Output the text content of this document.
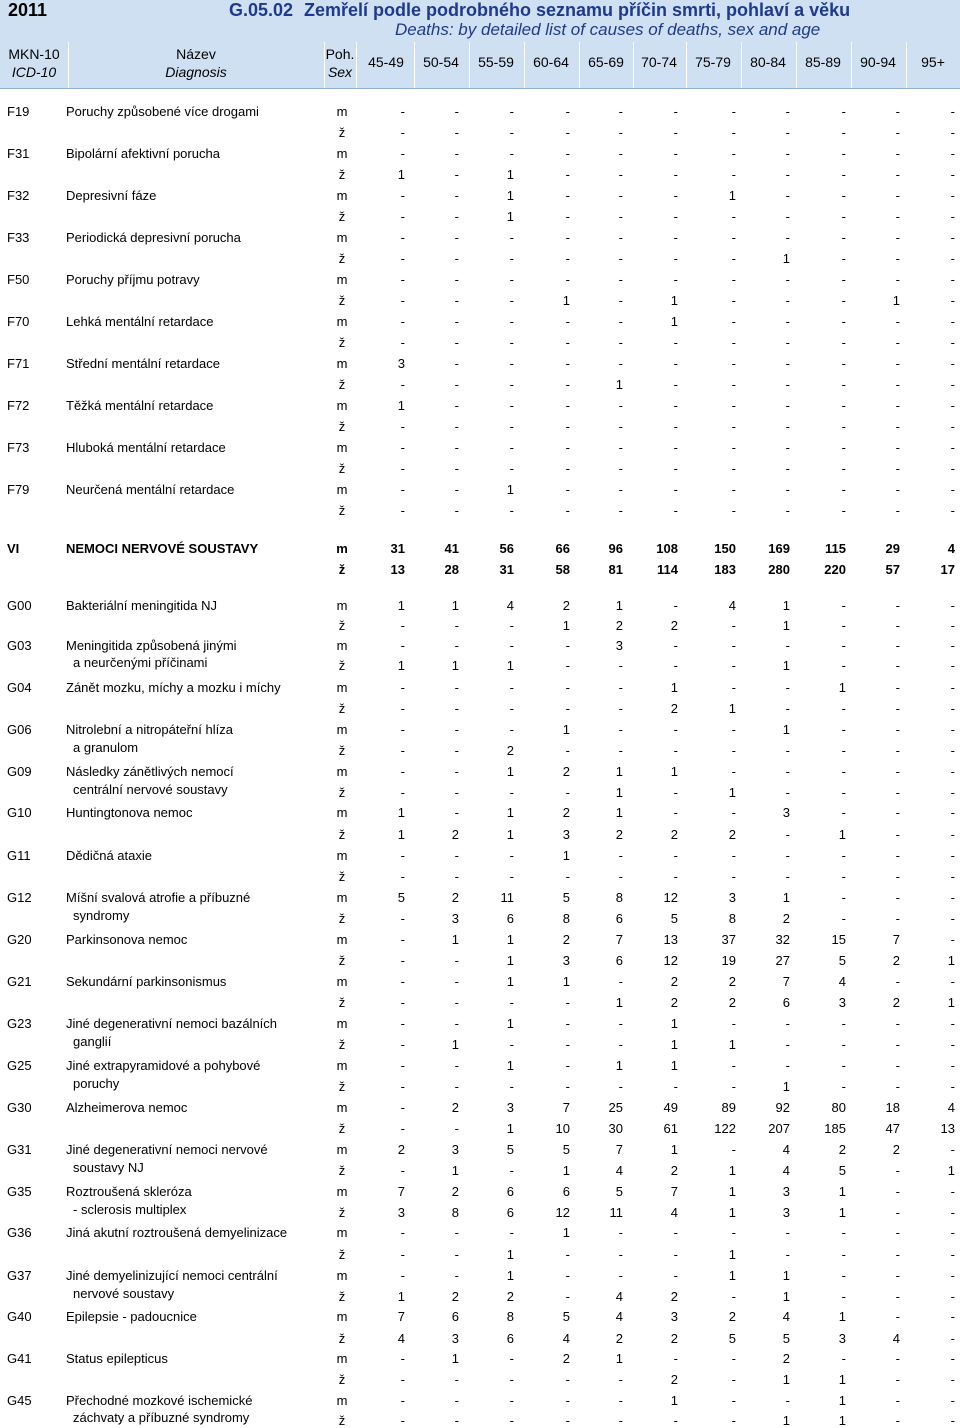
2011	G.05.02 Zemřelí podle podrobného seznamu příčin smrti, pohlaví a věku
Deaths: by detailed list of causes of deaths, sex and age
MKN-10
ICD-10
Název
Diagnosis
Poh.
Sex
45-49	50-54	55-59	60-64	65-69	70-74	75-79	80-84	85-89	90-94	95+
F19	Poruchy způsobené více drogami	m	-	-	-	-	-	-	-	-	-	-	-
ž	-	-	-	-	-	-	-	-	-	-	-
F31	Bipolární afektivní porucha	m	-	-	-	-	-	-	-	-	-	-	-
ž	1	-	1	-	-	-	-	-	-	-	-
F32	Depresivní fáze	m	-	-	1	-	-	-	1	-	-	-	-
ž	-	-	1	-	-	-	-	-	-	-	-
F33	Periodická depresivní porucha	m	-	-	-	-	-	-	-	-	-	-	-
ž	-	-	-	-	-	-	-	1	-	-	-
F50	Poruchy příjmu potravy	m	-	-	-	-	-	-	-	-	-	-	-
ž	-	-	-	1	-	1	-	-	-	1	-
F70	Lehká mentální retardace	m	-	-	-	-	-	1	-	-	-	-	-
ž	-	-	-	-	-	-	-	-	-	-	-
F71	Střední mentální retardace	m	3	-	-	-	-	-	-	-	-	-	-
ž	-	-	-	-	1	-	-	-	-	-	-
F72	Těžká mentální retardace	m	1	-	-	-	-	-	-	-	-	-	-
ž	-	-	-	-	-	-	-	-	-	-	-
F73	Hluboká mentální retardace	m	-	-	-	-	-	-	-	-	-	-	-
ž	-	-	-	-	-	-	-	-	-	-	-
F79	Neurčená mentální retardace	m	-	-	1	-	-	-	-	-	-	-	-
ž	-	-	-	-	-	-	-	-	-	-	-
VI	NEMOCI NERVOVÉ SOUSTAVY	m	31	41	56	66	96	108	150	169	115	29	4
ž	13	28	31	58	81	114	183	280	220	57	17
G00	Bakteriální meningitida NJ	m	1	1	4	2	1	-	4	1	-	-	-
ž	-	-	-	1	2	2	-	1	-	-	-
G03	Meningitida způsobená jinými	m	-	-	-	-	3	-	-	-	-	-	-
a neurčenými příčinami	ž	1	1	1	-	-	-	-	1	-	-	-
G04	Zánět mozku, míchy a mozku i míchy	m	-	-	-	-	-	1	-	-	1	-	-
ž	-	-	-	-	-	2	1	-	-	-	-
G06	Nitrolební a nitropáteřní hlíza	m	-	-	-	1	-	-	-	1	-	-	-
a granulom	ž	-	-	2	-	-	-	-	-	-	-	-
G09	Následky zánětlivých nemocí	m	-	-	1	2	1	1	-	-	-	-	-
centrální nervové soustavy	ž	-	-	-	-	1	-	1	-	-	-	-
G10	Huntingtonova nemoc	m	1	-	1	2	1	-	-	3	-	-	-
ž	1	2	1	3	2	2	2	-	1	-	-
G11	Dědičná ataxie	m	-	-	-	1	-	-	-	-	-	-	-
ž	-	-	-	-	-	-	-	-	-	-	-
G12	Míšní svalová atrofie a příbuzné	m	5	2	11	5	8	12	3	1	-	-	-
syndromy	ž	-	3	6	8	6	5	8	2	-	-	-
G20	Parkinsonova nemoc	m	-	1	1	2	7	13	37	32	15	7	-
ž	-	-	1	3	6	12	19	27	5	2	1
G21	Sekundární parkinsonismus	m	-	-	1	1	-	2	2	7	4	-	-
ž	-	-	-	-	1	2	2	6	3	2	1
G23	Jiné degenerativní nemoci bazálních	m	-	-	1	-	-	1	-	-	-	-	-
ganglií	ž	-	1	-	-	-	1	1	-	-	-	-
G25	Jiné extrapyramidové a pohybové	m	-	-	1	-	1	1	-	-	-	-	-
poruchy	ž	-	-	-	-	-	-	-	1	-	-	-
G30	Alzheimerova nemoc	m	-	2	3	7	25	49	89	92	80	18	4
ž	-	-	1	10	30	61	122	207	185	47	13
G31	Jiné degenerativní nemoci nervové	m	2	3	5	5	7	1	-	4	2	2	-
soustavy NJ	ž	-	1	-	1	4	2	1	4	5	-	1
G35	Roztroušená skleróza	m	7	2	6	6	5	7	1	3	1	-	-
- sclerosis multiplex	ž	3	8	6	12	11	4	1	3	1	-	-
G36	Jiná akutní roztroušená demyelinizace	m	-	-	-	1	-	-	-	-	-	-	-
ž	-	-	1	-	-	-	1	-	-	-	-
G37	Jiné demyelinizující nemoci centrální	m	-	-	1	-	-	-	1	1	-	-	-
nervové soustavy	ž	1	2	2	-	4	2	-	1	-	-	-
G40	Epilepsie - padoucnice	m	7	6	8	5	4	3	2	4	1	-	-
ž	4	3	6	4	2	2	5	5	3	4	-
G41	Status epilepticus	m	-	1	-	2	1	-	-	2	-	-	-
ž	-	-	-	-	-	2	-	1	1	-	-
G45	Přechodné mozkové ischemické	m	-	-	-	-	-	1	-	-	1	-	-
záchvaty a příbuzné syndromy	ž	-	-	-	-	-	-	-	1	1	-	-
